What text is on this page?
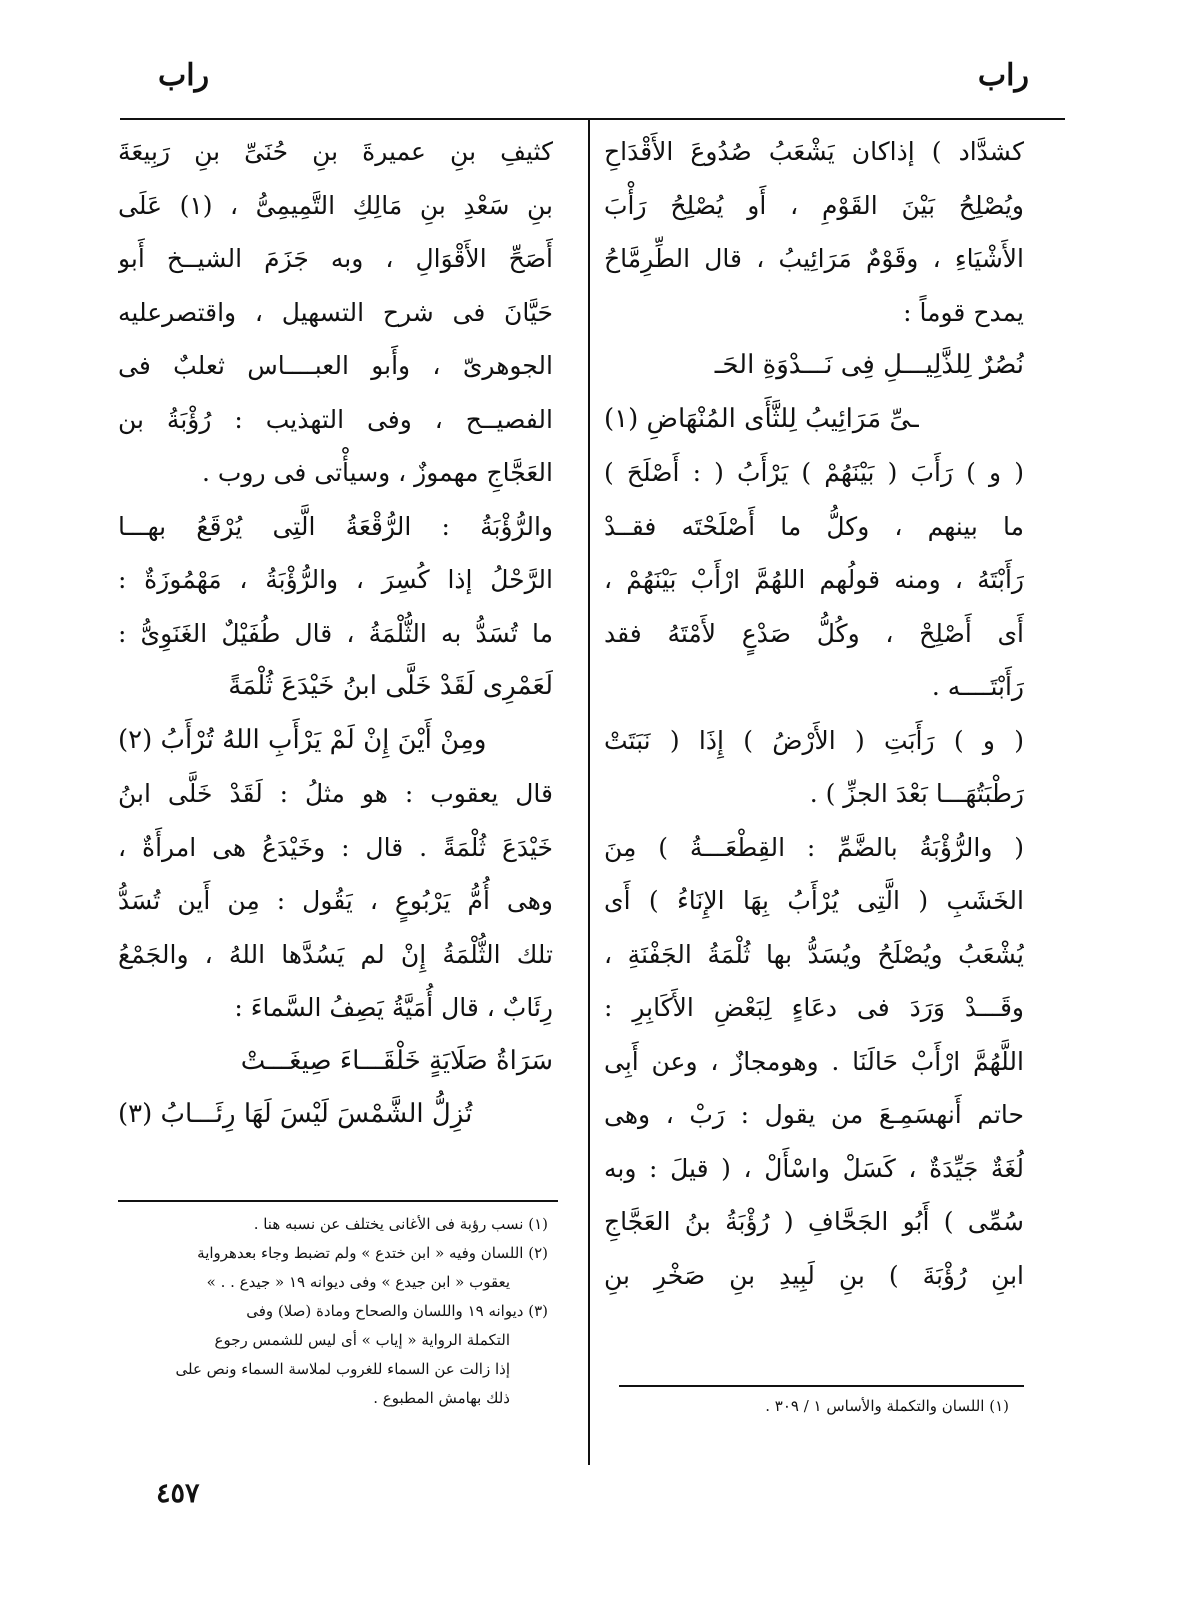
راب
راب
كشدَّاد ) إذاكان يَشْعَبُ صُدُوعَ الأَقْدَاحِ
ويُصْلِحُ بَيْنَ القَوْمِ ، أَو يُصْلِحُ رَأْبَ
الأَشْيَاءِ ، وقَوْمٌ مَرَائِيبُ ، قال الطِّرِمَّاحُ
يمدح قوماً :
نُصُرٌ لِلذَّلِيـــلِ فِى نَـــدْوَةِ الحَـ
ـىِّ مَرَائِيبُ لِلثَّأَى المُنْهَاضِ (١)
( و ) رَأَبَ ( بَيْنَهُمْ ) يَرْأَبُ ( : أَصْلَحَ )
ما بينهم ، وكلُّ ما أَصْلَحْتَه فقــدْ
رَأَبْتَهُ ، ومنه قولُهم اللهُمَّ ارْأَبْ بَيْنَهُمْ ،
أَى أَصْلِحْ ، وكُلُّ صَدْعٍ لأَمْتَهُ فقد
رَأَبْتَــــه .
( و ) رَأَبَتِ ( الأَرْضُ ) إِذَا ( نَبَتَتْ
رَطْبَتُهَـــا بَعْدَ الجزِّ ) .
( والرُّؤْبَةُ بالضَّمِّ : القِطْعَـــةُ ) مِنَ
الخَشَبِ ( الَّتِى يُرْأَبُ بِهَا الإِنَاءُ ) أَى
يُشْعَبُ ويُصْلَحُ ويُسَدُّ بها ثُلْمَةُ الجَفْنَةِ ،
وقَـــدْ وَرَدَ فى دعَاءٍ لِبَعْضِ الأَكَابِرِ :
اللَّهُمَّ ارْأَبْ حَالَنَا . وهومجازٌ ، وعن أَبِى
حاتم أَنهسَمِـعَ من يقول : رَبْ ، وهى
لُغَةٌ جَيِّدَةٌ ، كَسَلْ واسْأَلْ ، ( قيلَ : وبه
سُمِّى ) أَبُو الجَحَّافِ ( رُؤْبَةُ بنُ العَجَّاجِ
ابنِ رُؤْبَةَ ) بنِ لَبِيدِ بنِ صَخْرِ بنِ
(١) اللسان والتكملة والأساس ١ / ٣٠٩ .
كثيفِ بنِ عميرةَ بنِ حُنَىِّ بنِ رَبِيعَةَ
بنِ سَعْدِ بنِ مَالِكِ التَّمِيمِىُّ ، (١) عَلَى
أَصَحِّ الأَقْوَالِ ، وبه جَزَمَ الشيــخ أَبو
حَيَّانَ فى شرح التسهيل ، واقتصرعليه
الجوهرىّ ، وأَبو العبــــاس ثعلبٌ فى
الفصيــح ، وفى التهذيب : رُؤْبَةُ بن
العَجَّاجِ مهموزٌ ، وسيأْتى فى روب .
والرُّؤْبَةُ : الرُّقْعَةُ الَّتِى يُرْقَعُ بهـــا
الرَّحْلُ إذا كُسِرَ ، والرُّؤْبَةُ ، مَهْمُوزَةٌ :
ما تُسَدُّ به الثُّلْمَةُ ، قال طُفَيْلٌ الغَنَوِىُّ :
لَعَمْرِى لَقَدْ خَلَّى ابنُ خَيْدَعَ ثُلْمَةً
ومِنْ أَيْنَ إِنْ لَمْ يَرْأَبِ اللهُ تُرْأَبُ (٢)
قال يعقوب : هو مثلُ : لَقَدْ خَلَّى ابنُ
خَيْدَعَ ثُلْمَةً . قال : وخَيْدَعُ هى امرأَةٌ ،
وهى أُمُّ يَرْبُوعٍ ، يَقُول : مِن أَين تُسَدُّ
تلك الثُّلْمَةُ إِنْ لم يَسُدَّها اللهُ ، والجَمْعُ
رِئَابٌ ، قال أُمَيَّةُ يَصِفُ السَّماءَ :
سَرَاةُ صَلَايَةٍ خَلْقَـــاءَ صِيغَـــتْ
تُزِلُّ الشَّمْسَ لَيْسَ لَهَا رِئَـــابُ (٣)
(١) نسب رؤبة فى الأغانى يختلف عن نسبه هنا .
(٢) اللسان وفيه « ابن ختدع » ولم تضبط وجاء بعدهرواية
يعقوب « ابن جيدع » وفى ديوانه ١٩ « جيدع . . »
(٣) ديوانه ١٩ واللسان والصحاح ومادة (صلا) وفى
التكملة الرواية « إياب » أى ليس للشمس رجوع
إذا زالت عن السماء للغروب لملاسة السماء ونص على
ذلك بهامش المطبوع .
٤٥٧
